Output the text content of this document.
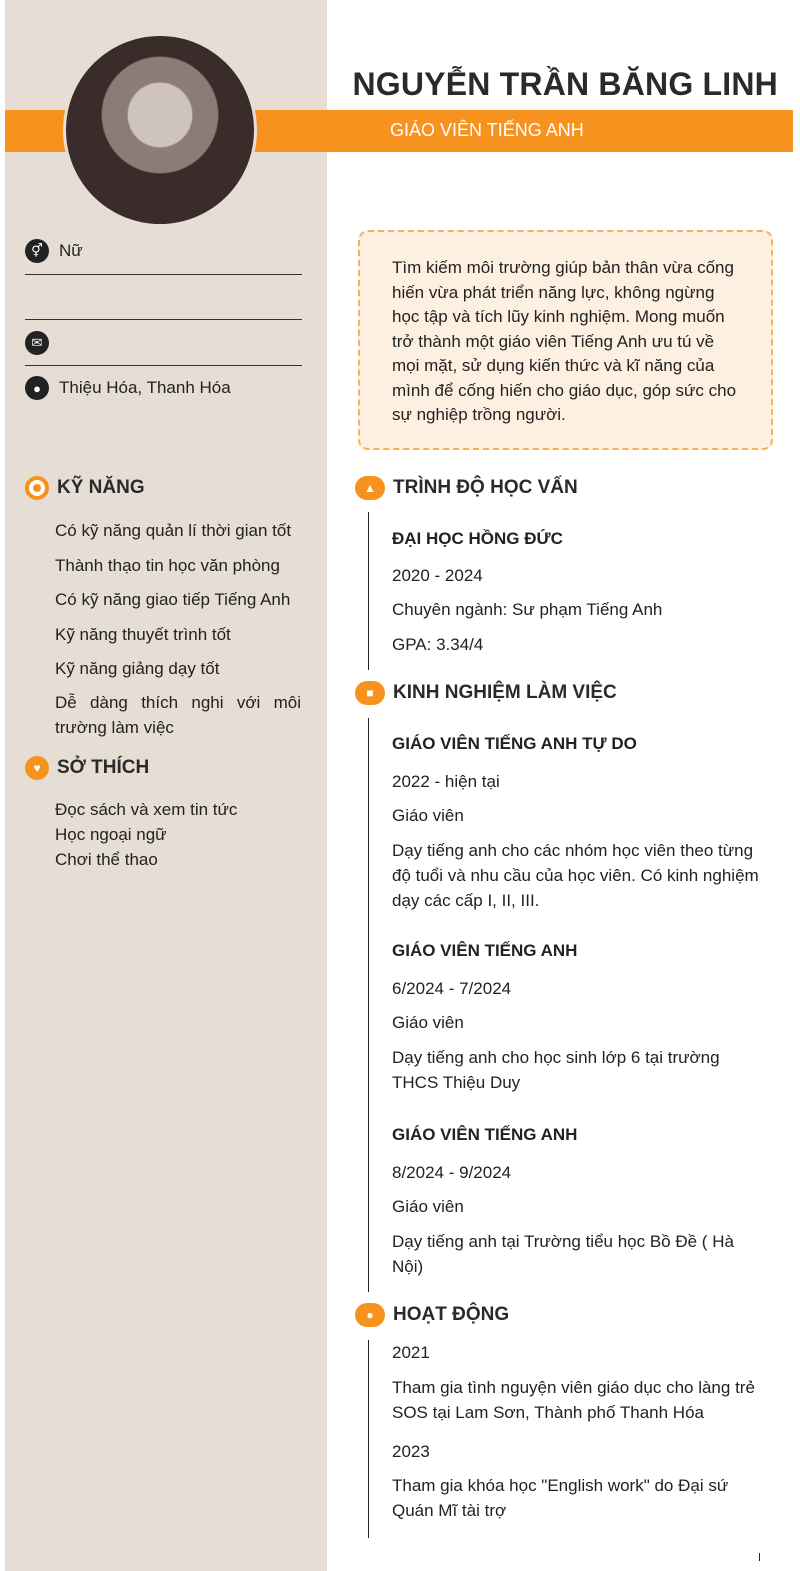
NGUYỄN TRẦN BĂNG LINH
GIÁO VIÊN TIẾNG ANH
⚥ Nữ
✉
●	Thiệu Hóa, Thanh Hóa
KỸ NĂNG
Có kỹ năng quản lí thời gian tốt
Thành thạo tin học văn phòng
Có kỹ năng giao tiếp Tiếng Anh
Kỹ năng thuyết trình tốt
Kỹ năng giảng dạy tốt
Dễ dàng thích nghi với môi trường làm việc
♥ SỞ THÍCH
Đọc sách và xem tin tức
Học ngoại ngữ
Chơi thể thao
Tìm kiếm môi trường giúp bản thân vừa cống hiến vừa phát triển năng lực, không ngừng học tập và tích lũy kinh nghiệm. Mong muốn trở thành một giáo viên Tiếng Anh ưu tú về mọi mặt, sử dụng kiến thức và kĩ năng của mình để cống hiến cho giáo dục, góp sức cho sự nghiệp trồng người.
▲ TRÌNH ĐỘ HỌC VẤN
ĐẠI HỌC HỒNG ĐỨC
2020 - 2024
Chuyên ngành: Sư phạm Tiếng Anh
GPA: 3.34/4
■	KINH NGHIỆM LÀM VIỆC
GIÁO VIÊN TIẾNG ANH TỰ DO
2022 - hiện tại
Giáo viên
Dạy tiếng anh cho các nhóm học viên theo từng độ tuổi và nhu cầu của học viên. Có kinh nghiệm dạy các cấp I, II, III.
GIÁO VIÊN TIẾNG ANH
6/2024 - 7/2024
Giáo viên
Dạy tiếng anh cho học sinh lớp 6 tại trường THCS Thiệu Duy
GIÁO VIÊN TIẾNG ANH
8/2024 - 9/2024
Giáo viên
Dạy tiếng anh tại Trường tiểu học Bồ Đề ( Hà Nội)
●	HOẠT ĐỘNG
2021
Tham gia tình nguyện viên giáo dục cho làng trẻ SOS tại Lam Sơn, Thành phố Thanh Hóa
2023
Tham gia khóa học "English work" do Đại sứ Quán Mĩ tài trợ
